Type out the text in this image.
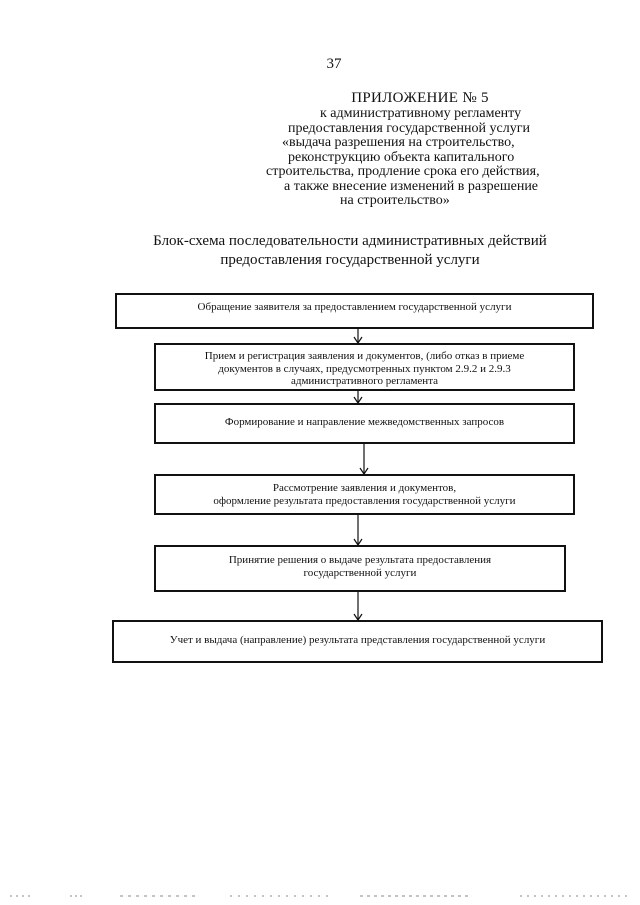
37
ПРИЛОЖЕНИЕ № 5
к административному регламенту
предоставления государственной услуги
«выдача разрешения на строительство,
реконструкцию объекта капитального
строительства, продление срока его действия,
а также внесение изменений в разрешение
на строительство»
Блок-схема последовательности административных действий
предоставления государственной услуги
Обращение заявителя за предоставлением государственной услуги
Прием и регистрация заявления и документов, (либо отказ в приеме
документов в случаях, предусмотренных пунктом 2.9.2 и 2.9.3
административного регламента
Формирование и направление межведомственных запросов
Рассмотрение заявления и документов,
оформление результата предоставления государственной услуги
Принятие решения о выдаче результата предоставления
государственной услуги
Учет и выдача (направление) результата представления государственной услуги
